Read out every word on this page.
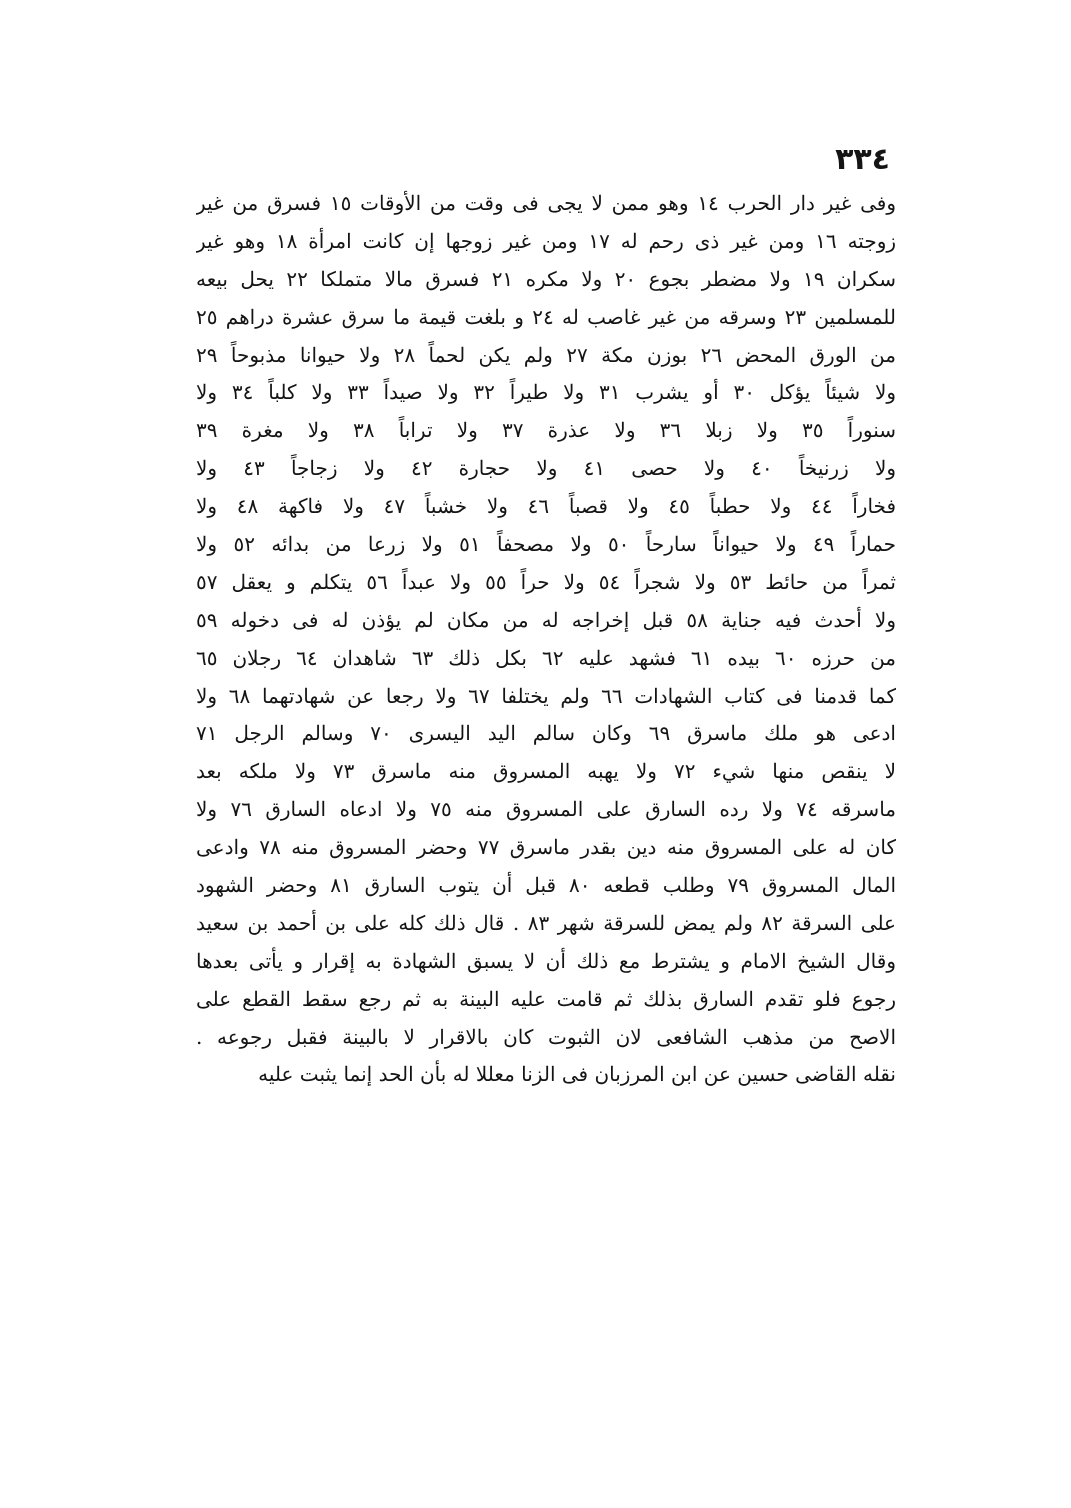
٣٣٤
وفى غير دار الحرب ١٤ وهو ممن لا يجى فى وقت من الأوقات ١٥ فسرق من غير
زوجته ١٦ ومن غير ذى رحم له ١٧ ومن غير زوجها إن كانت امرأة ١٨ وهو غير
سكران ١٩ ولا مضطر بجوع ٢٠ ولا مكره ٢١ فسرق مالا متملكا ٢٢ يحل بيعه
للمسلمين ٢٣ وسرقه من غير غاصب له ٢٤ و بلغت قيمة ما سرق عشرة دراهم ٢٥
من الورق المحض ٢٦ بوزن مكة ٢٧ ولم يكن لحماً ٢٨ ولا حيوانا مذبوحاً ٢٩
ولا شيئاً يؤكل ٣٠ أو يشرب ٣١ ولا طيراً ٣٢ ولا صيداً ٣٣ ولا كلباً ٣٤ ولا
سنوراً ٣٥ ولا زبلا ٣٦ ولا عذرة ٣٧ ولا تراباً ٣٨ ولا مغرة ٣٩
ولا زرنيخاً ٤٠ ولا حصى ٤١ ولا حجارة ٤٢ ولا زجاجاً ٤٣ ولا
فخاراً ٤٤ ولا حطباً ٤٥ ولا قصباً ٤٦ ولا خشباً ٤٧ ولا فاكهة ٤٨ ولا
حماراً ٤٩ ولا حيواناً سارحاً ٥٠ ولا مصحفاً ٥١ ولا زرعا من بدائه ٥٢ ولا
ثمراً من حائط ٥٣ ولا شجراً ٥٤ ولا حراً ٥٥ ولا عبداً ٥٦ يتكلم و يعقل ٥٧
ولا أحدث فيه جناية ٥٨ قبل إخراجه له من مكان لم يؤذن له فى دخوله ٥٩
من حرزه ٦٠ بيده ٦١ فشهد عليه ٦٢ بكل ذلك ٦٣ شاهدان ٦٤ رجلان ٦٥
كما قدمنا فى كتاب الشهادات ٦٦ ولم يختلفا ٦٧ ولا رجعا عن شهادتهما ٦٨ ولا
ادعى هو ملك ماسرق ٦٩ وكان سالم اليد اليسرى ٧٠ وسالم الرجل ٧١
لا ينقص منها شيء ٧٢ ولا يهبه المسروق منه ماسرق ٧٣ ولا ملكه بعد
ماسرقه ٧٤ ولا رده السارق على المسروق منه ٧٥ ولا ادعاه السارق ٧٦ ولا
كان له على المسروق منه دين بقدر ماسرق ٧٧ وحضر المسروق منه ٧٨ وادعى
المال المسروق ٧٩ وطلب قطعه ٨٠ قبل أن يتوب السارق ٨١ وحضر الشهود
على السرقة ٨٢ ولم يمض للسرقة شهر ٨٣ . قال ذلك كله على بن أحمد بن سعيد
وقال الشيخ الامام و يشترط مع ذلك أن لا يسبق الشهادة به إقرار و يأتى بعدها
رجوع فلو تقدم السارق بذلك ثم قامت عليه البينة به ثم رجع سقط القطع على
الاصح من مذهب الشافعى لان الثبوت كان بالاقرار لا بالبينة فقبل رجوعه .
نقله القاضى حسين عن ابن المرزبان فى الزنا معللا له بأن الحد إنما يثبت عليه
